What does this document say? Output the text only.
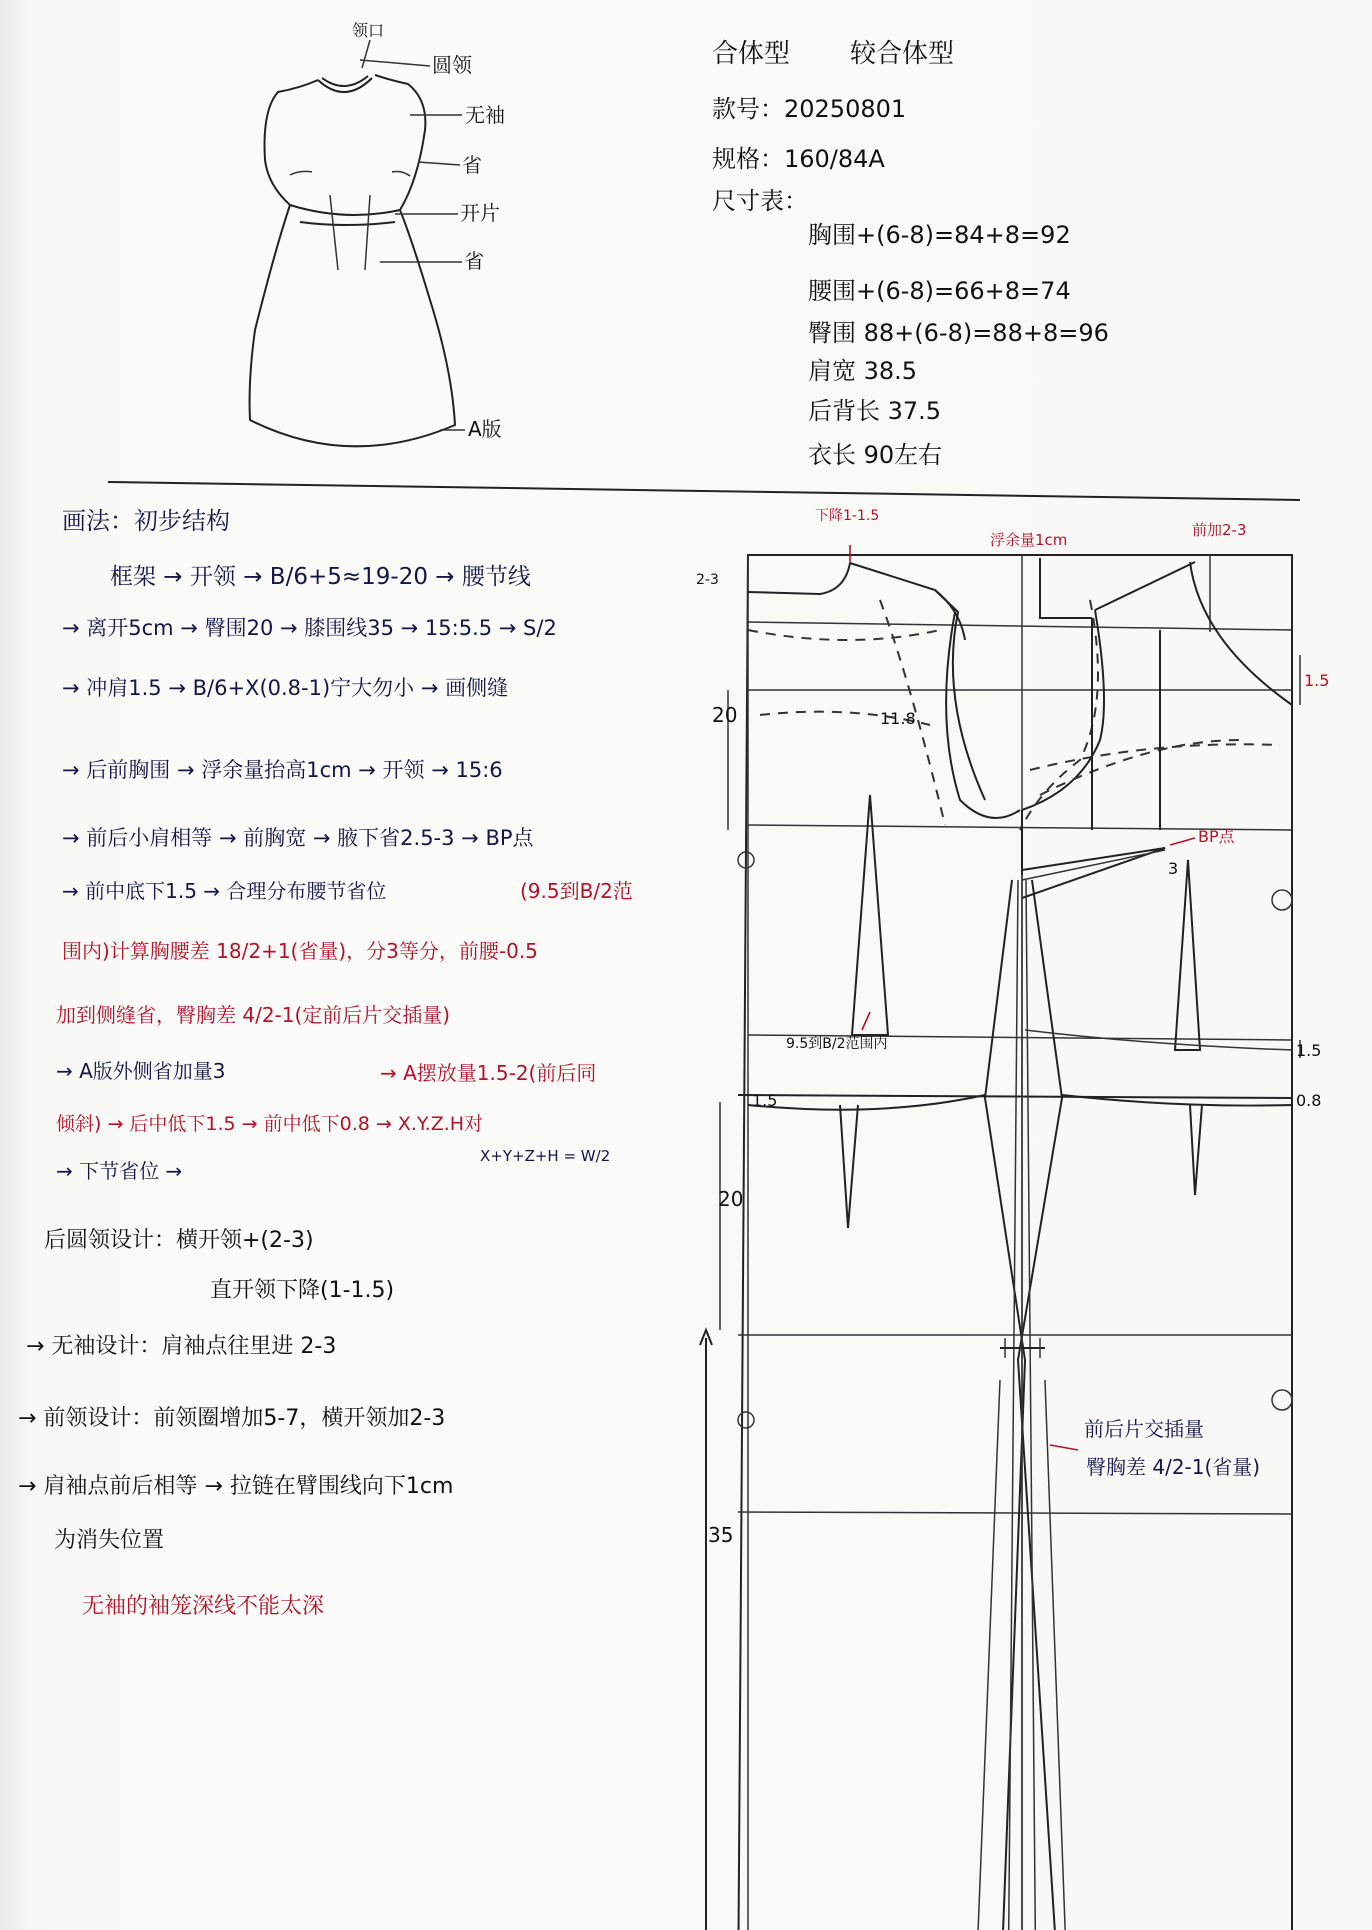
领口
圆领
无袖
省
开片
省
A版
合体型 较合体型
款号：20250801
规格：160/84A
尺寸表：
胸围+(6-8)=84+8=92
腰围+(6-8)=66+8=74
臀围 88+(6-8)=88+8=96
肩宽 38.5
后背长 37.5
衣长 90左右
画法：初步结构
框架 → 开领 → B/6+5≈19-20 → 腰节线
→ 离开5cm → 臀围20 → 膝围线35 → 15:5.5 → S/2
→ 冲肩1.5 → B/6+X(0.8-1)宁大勿小 → 画侧缝
→ 后前胸围 → 浮余量抬高1cm → 开领 → 15:6
→ 前后小肩相等 → 前胸宽 → 腋下省2.5-3 → BP点
→ 前中底下1.5 → 合理分布腰节省位	(9.5到B/2范
围内)计算胸腰差 18/2+1(省量)，分3等分，前腰-0.5
加到侧缝省，臀胸差 4/2-1(定前后片交插量)
→ A版外侧省加量3	→ A摆放量1.5-2(前后同
倾斜) → 后中低下1.5 → 前中低下0.8 → X.Y.Z.H对
X+Y+Z+H = W/2
→ 下节省位 →
后圆领设计：横开领+(2-3)
直开领下降(1-1.5)
→ 无袖设计：肩袖点往里进 2-3
→ 前领设计：前领圈增加5-7，横开领加2-3
→ 肩袖点前后相等 → 拉链在臂围线向下1cm
为消失位置
无袖的袖笼深线不能太深
下降1-1.5
2-3
浮余量1cm
前加2-3
20	11.8
1.5
BP点
3
9.5到B/2范围内	1.5
1.5	0.8
20
35
前后片交插量
臀胸差 4/2-1(省量)
